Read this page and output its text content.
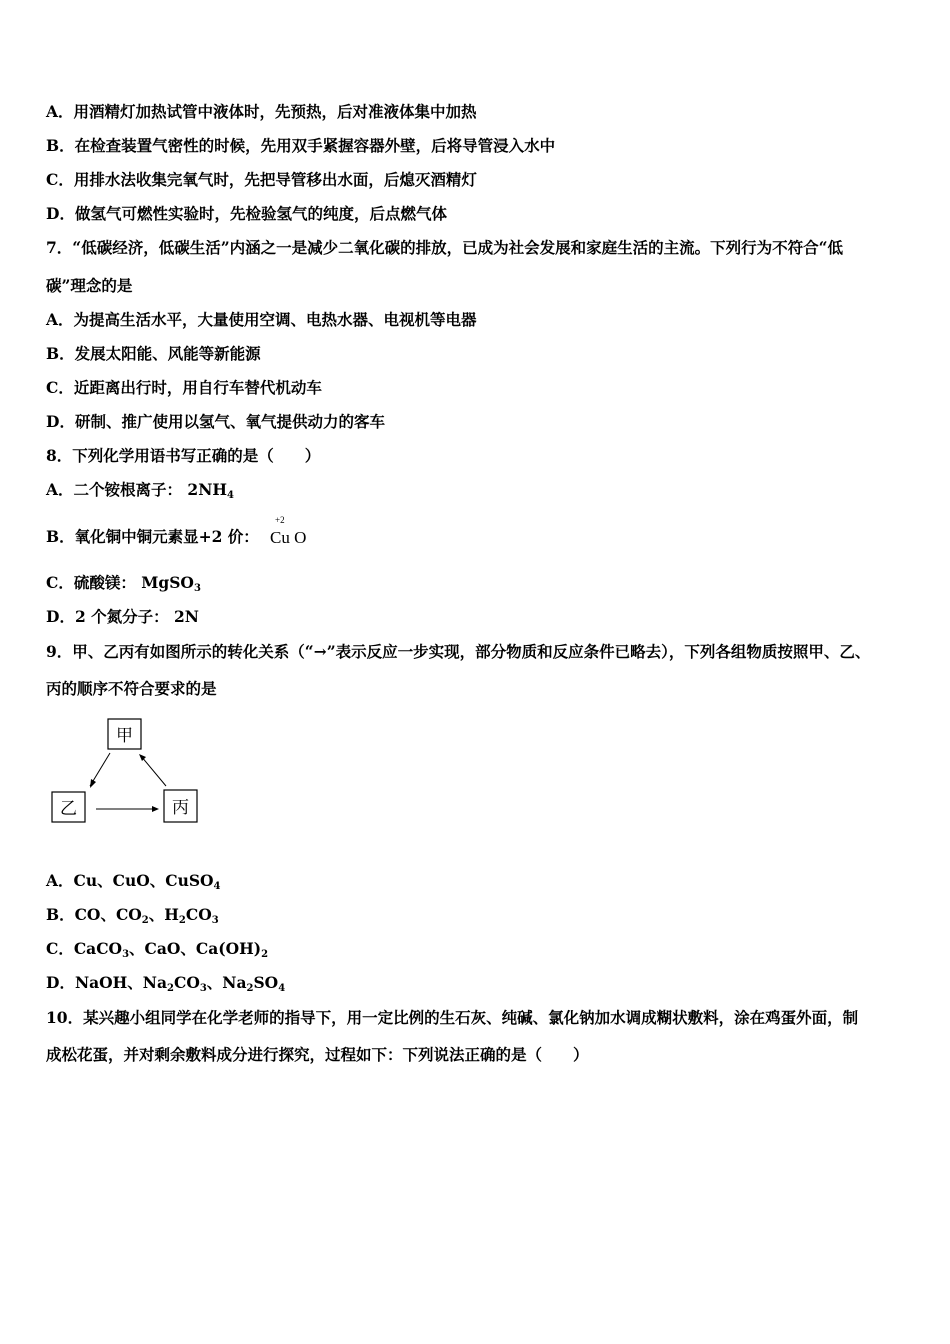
A．用酒精灯加热试管中液体时，先预热，后对准液体集中加热
B．在检查装置气密性的时候，先用双手紧握容器外壁，后将导管浸入水中
C．用排水法收集完氧气时，先把导管移出水面，后熄灭酒精灯
D．做氢气可燃性实验时，先检验氢气的纯度，后点燃气体
7．“低碳经济，低碳生活”内涵之一是减少二氧化碳的排放，已成为社会发展和家庭生活的主流。下列行为不符合“低
碳”理念的是
A．为提高生活水平，大量使用空调、电热水器、电视机等电器
B．发展太阳能、风能等新能源
C．近距离出行时，用自行车替代机动车
D．研制、推广使用以氢气、氧气提供动力的客车
8．下列化学用语书写正确的是（　　）
A．二个铵根离子： $2NH_4$
B．氧化铜中铜元素显+2 价：
+2
Cu O
C．硫酸镁： MgSO$_3$
D．2 个氮分子： 2N
9．甲、乙丙有如图所示的转化关系（“→”表示反应一步实现，部分物质和反应条件已略去），下列各组物质按照甲、乙、
丙的顺序不符合要求的是
甲
乙	丙
A．Cu、CuO、CuSO$_4$
B．CO、$CO_2$、$H_2CO_3$
C．CaCO$_3$、CaO、$Ca(OH)_2$
D．NaOH、$Na_2CO_3$、$Na_2SO_4$
10．某兴趣小组同学在化学老师的指导下，用一定比例的生石灰、纯碱、氯化钠加水调成糊状敷料，涂在鸡蛋外面，制
成松花蛋，并对剩余敷料成分进行探究，过程如下：下列说法正确的是（　　）
